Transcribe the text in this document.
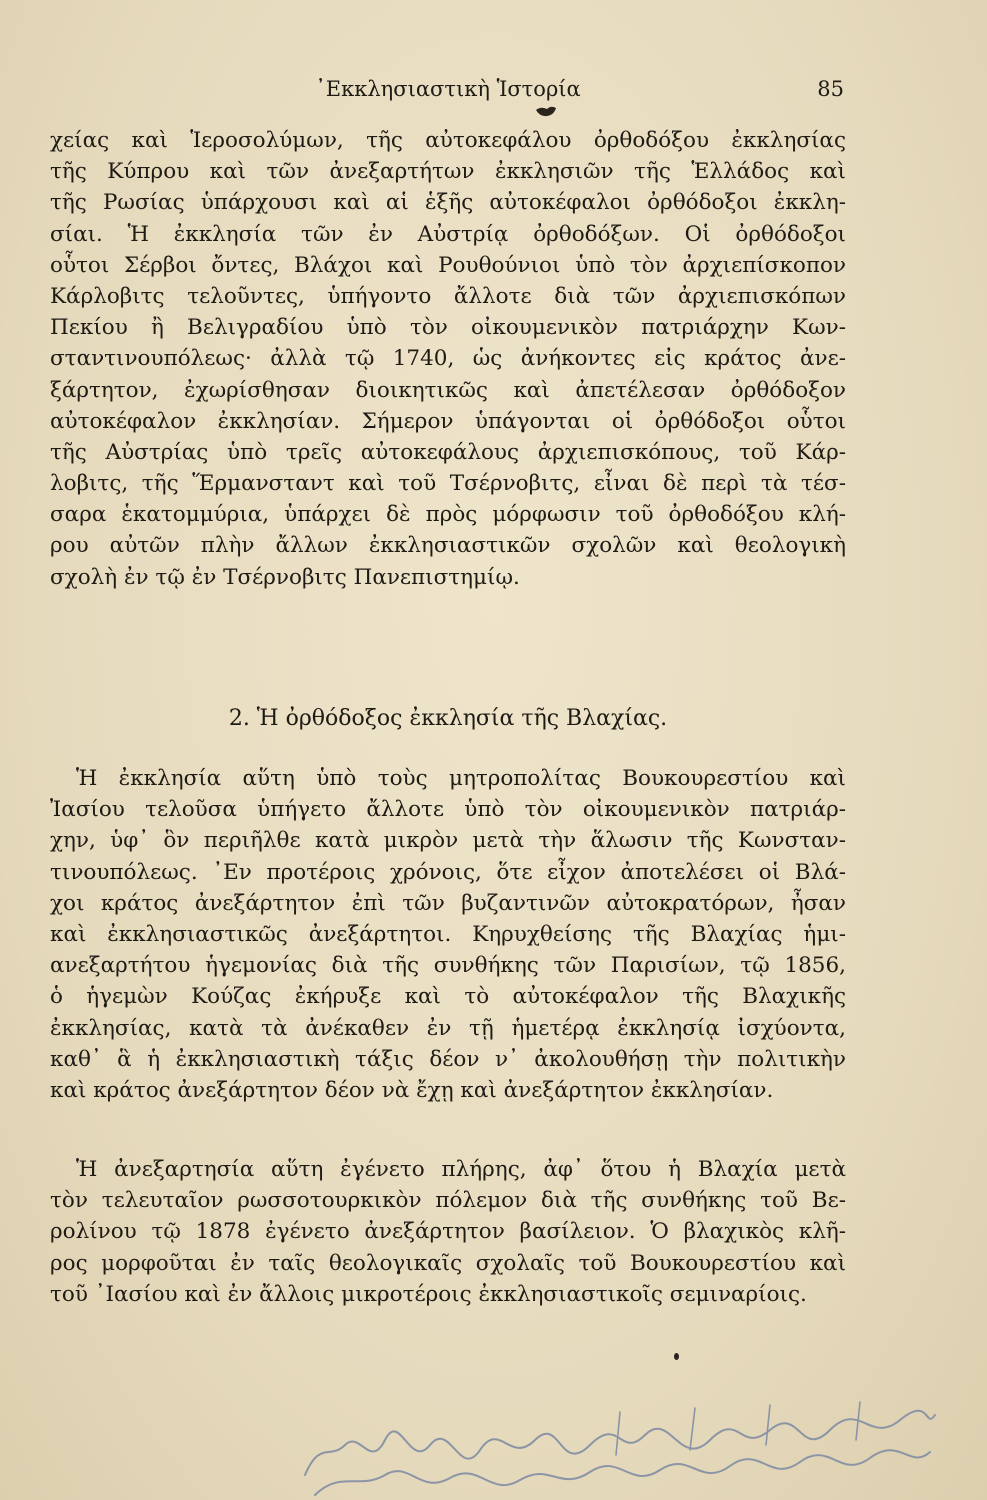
᾿Εκκλησιαστικὴ Ἱστορία	85
χείας καὶ Ἱεροσολύμων, τῆς αὐτοκεφάλου ὀρθοδόξου ἐκκλησίας
τῆς Κύπρου καὶ τῶν ἀνεξαρτήτων ἐκκλησιῶν τῆς Ἑλλάδος καὶ
τῆς Ρωσίας ὑπάρχουσι καὶ αἱ ἑξῆς αὐτοκέφαλοι ὀρθόδοξοι ἐκκλη-
σίαι. Ἡ ἐκκλησία τῶν ἐν Αὐστρίᾳ ὀρθοδόξων. Οἱ ὀρθόδοξοι
οὗτοι Σέρβοι ὄντες, Βλάχοι καὶ Ρουθούνιοι ὑπὸ τὸν ἀρχιεπίσκοπον
Κάρλοβιτς τελοῦντες, ὑπήγοντο ἄλλοτε διὰ τῶν ἀρχιεπισκόπων
Πεκίου ἢ Βελιγραδίου ὑπὸ τὸν οἰκουμενικὸν πατριάρχην Κων-
σταντινουπόλεως· ἀλλὰ τῷ 1740, ὡς ἀνήκοντες εἰς κράτος ἀνε-
ξάρτητον, ἐχωρίσθησαν διοικητικῶς καὶ ἀπετέλεσαν ὀρθόδοξον
αὐτοκέφαλον ἐκκλησίαν. Σήμερον ὑπάγονται οἱ ὀρθόδοξοι οὗτοι
τῆς Αὐστρίας ὑπὸ τρεῖς αὐτοκεφάλους ἀρχιεπισκόπους, τοῦ Κάρ-
λοβιτς, τῆς Ἕρμανσταντ καὶ τοῦ Τσέρνοβιτς, εἶναι δὲ περὶ τὰ τέσ-
σαρα ἑκατομμύρια, ὑπάρχει δὲ πρὸς μόρφωσιν τοῦ ὀρθοδόξου κλή-
ρου αὐτῶν πλὴν ἄλλων ἐκκλησιαστικῶν σχολῶν καὶ θεολογικὴ
σχολὴ ἐν τῷ ἐν Τσέρνοβιτς Πανεπιστημίῳ.
2. Ἡ ὀρθόδοξος ἐκκλησία τῆς Βλαχίας.
Ἡ ἐκκλησία αὕτη ὑπὸ τοὺς μητροπολίτας Βουκουρεστίου καὶ
Ἰασίου τελοῦσα ὑπήγετο ἄλλοτε ὑπὸ τὸν οἰκουμενικὸν πατριάρ-
χην, ὑφ᾿ ὃν περιῆλθε κατὰ μικρὸν μετὰ τὴν ἅλωσιν τῆς Κωνσταν-
τινουπόλεως. ᾿Εν προτέροις χρόνοις, ὅτε εἶχον ἀποτελέσει οἱ Βλά-
χοι κράτος ἀνεξάρτητον ἐπὶ τῶν βυζαντινῶν αὐτοκρατόρων, ἦσαν
καὶ ἐκκλησιαστικῶς ἀνεξάρτητοι. Κηρυχθείσης τῆς Βλαχίας ἡμι-
ανεξαρτήτου ἡγεμονίας διὰ τῆς συνθήκης τῶν Παρισίων, τῷ 1856,
ὁ ἡγεμὼν Κούζας ἐκήρυξε καὶ τὸ αὐτοκέφαλον τῆς Βλαχικῆς
ἐκκλησίας, κατὰ τὰ ἀνέκαθεν ἐν τῇ ἡμετέρᾳ ἐκκλησίᾳ ἰσχύοντα,
καθ᾿ ἃ ἡ ἐκκλησιαστικὴ τάξις δέον ν᾿ ἀκολουθήσῃ τὴν πολιτικὴν
καὶ κράτος ἀνεξάρτητον δέον νὰ ἔχῃ καὶ ἀνεξάρτητον ἐκκλησίαν.
Ἡ ἀνεξαρτησία αὕτη ἐγένετο πλήρης, ἀφ᾿ ὅτου ἡ Βλαχία μετὰ
τὸν τελευταῖον ρωσσοτουρκικὸν πόλεμον διὰ τῆς συνθήκης τοῦ Βε-
ρολίνου τῷ 1878 ἐγένετο ἀνεξάρτητον βασίλειον. Ὁ βλαχικὸς κλῆ-
ρος μορφοῦται ἐν ταῖς θεολογικαῖς σχολαῖς τοῦ Βουκουρεστίου καὶ
τοῦ ᾿Ιασίου καὶ ἐν ἄλλοις μικροτέροις ἐκκλησιαστικοῖς σεμιναρίοις.
